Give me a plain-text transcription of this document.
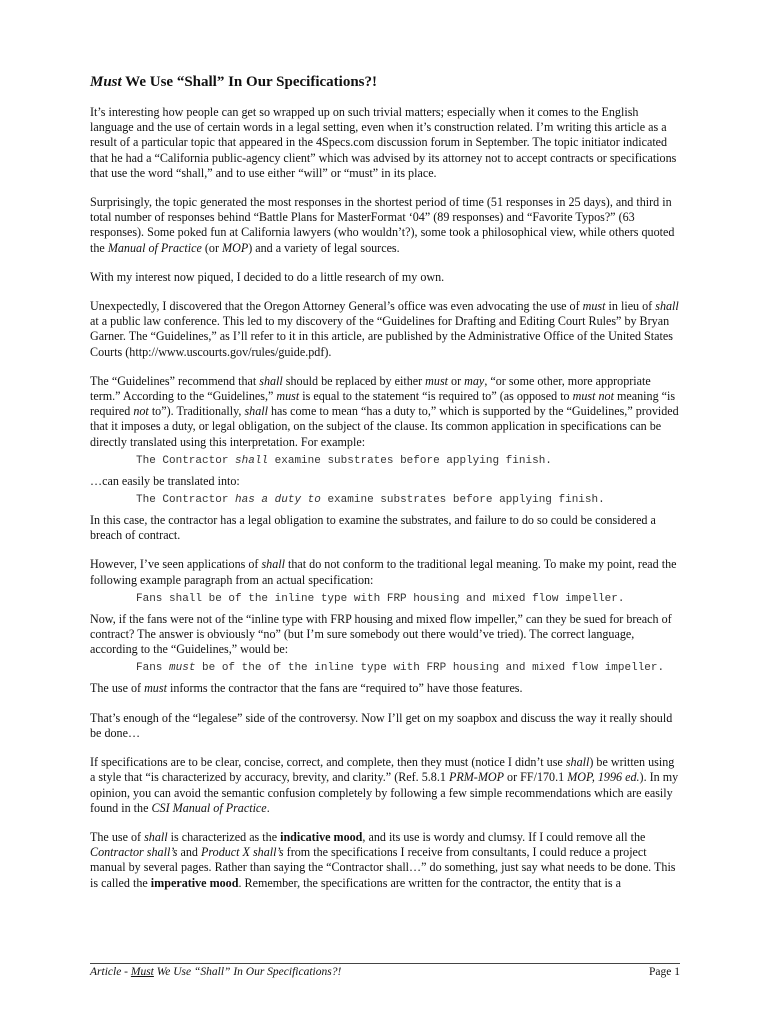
Must We Use “Shall” In Our Specifications?!

It’s interesting how people can get so wrapped up on such trivial matters; especially when it comes to the English language and the use of certain words in a legal setting, even when it’s construction related. I’m writing this article as a result of a particular topic that appeared in the 4Specs.com discussion forum in September. The topic initiator indicated that he had a “California public-agency client” which was advised by its attorney not to accept contracts or specifications that use the word “shall,” and to use either “will” or “must” in its place.

Surprisingly, the topic generated the most responses in the shortest period of time (51 responses in 25 days), and third in total number of responses behind “Battle Plans for MasterFormat ‘04” (89 responses) and “Favorite Typos?” (63 responses). Some poked fun at California lawyers (who wouldn’t?), some took a philosophical view, while others quoted the Manual of Practice (or MOP) and a variety of legal sources.

With my interest now piqued, I decided to do a little research of my own.

Unexpectedly, I discovered that the Oregon Attorney General’s office was even advocating the use of must in lieu of shall at a public law conference. This led to my discovery of the “Guidelines for Drafting and Editing Court Rules” by Bryan Garner. The “Guidelines,” as I’ll refer to it in this article, are published by the Administrative Office of the United States Courts (http://www.uscourts.gov/rules/guide.pdf).

The “Guidelines” recommend that shall should be replaced by either must or may, “or some other, more appropriate term.” According to the “Guidelines,” must is equal to the statement “is required to” (as opposed to must not meaning “is required not to”). Traditionally, shall has come to mean “has a duty to,” which is supported by the “Guidelines,” provided that it imposes a duty, or legal obligation, on the subject of the clause. Its common application in specifications can be directly translated using this interpretation. For example:

The Contractor shall examine substrates before applying finish.

…can easily be translated into:

The Contractor has a duty to examine substrates before applying finish.

In this case, the contractor has a legal obligation to examine the substrates, and failure to do so could be considered a breach of contract.

However, I’ve seen applications of shall that do not conform to the traditional legal meaning. To make my point, read the following example paragraph from an actual specification:

Fans shall be of the inline type with FRP housing and mixed flow impeller.

Now, if the fans were not of the “inline type with FRP housing and mixed flow impeller,” can they be sued for breach of contract? The answer is obviously “no” (but I’m sure somebody out there would’ve tried). The correct language, according to the “Guidelines,” would be:

Fans must be of the of the inline type with FRP housing and mixed flow impeller.

The use of must informs the contractor that the fans are “required to” have those features.

That’s enough of the “legalese” side of the controversy. Now I’ll get on my soapbox and discuss the way it really should be done…

If specifications are to be clear, concise, correct, and complete, then they must (notice I didn’t use shall) be written using a style that “is characterized by accuracy, brevity, and clarity.” (Ref. 5.8.1 PRM-MOP or FF/170.1 MOP, 1996 ed.). In my opinion, you can avoid the semantic confusion completely by following a few simple recommendations which are easily found in the CSI Manual of Practice.

The use of shall is characterized as the indicative mood, and its use is wordy and clumsy. If I could remove all the Contractor shall’s and Product X shall’s from the specifications I receive from consultants, I could reduce a project manual by several pages. Rather than saying the “Contractor shall…” do something, just say what needs to be done. This is called the imperative mood. Remember, the specifications are written for the contractor, the entity that is a

Article - Must We Use “Shall” In Our Specifications?!	Page 1
